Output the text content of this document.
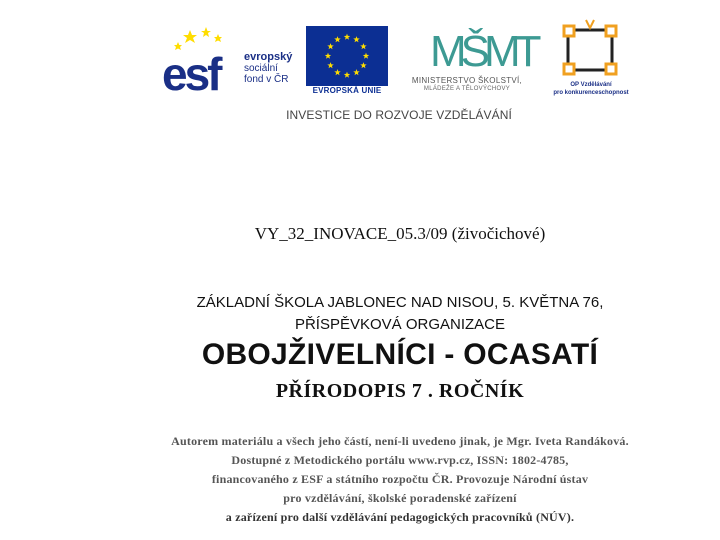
esf	evropský
sociální
fond v ČR
EVROPSKÁ UNIE
MŠMT
MINISTERSTVO ŠKOLSTVÍ,
MLÁDEŽE A TĚLOVÝCHOVY
OP Vzdělávání
pro konkurenceschopnost
INVESTICE DO ROZVOJE VZDĚLÁVÁNÍ
VY_32_INOVACE_05.3/09 (živočichové)
ZÁKLADNÍ ŠKOLA JABLONEC NAD NISOU, 5. KVĚTNA 76,
PŘÍSPĚVKOVÁ ORGANIZACE
OBOJŽIVELNÍCI - OCASATÍ
PŘÍRODOPIS 7 . ROČNÍK
Autorem materiálu a všech jeho částí, není-li uvedeno jinak, je Mgr. Iveta Randáková.
Dostupné z Metodického portálu www.rvp.cz, ISSN: 1802-4785,
financovaného z ESF a státního rozpočtu ČR. Provozuje Národní ústav
pro vzdělávání, školské poradenské zařízení
a zařízení pro další vzdělávání pedagogických pracovníků (NÚV).
